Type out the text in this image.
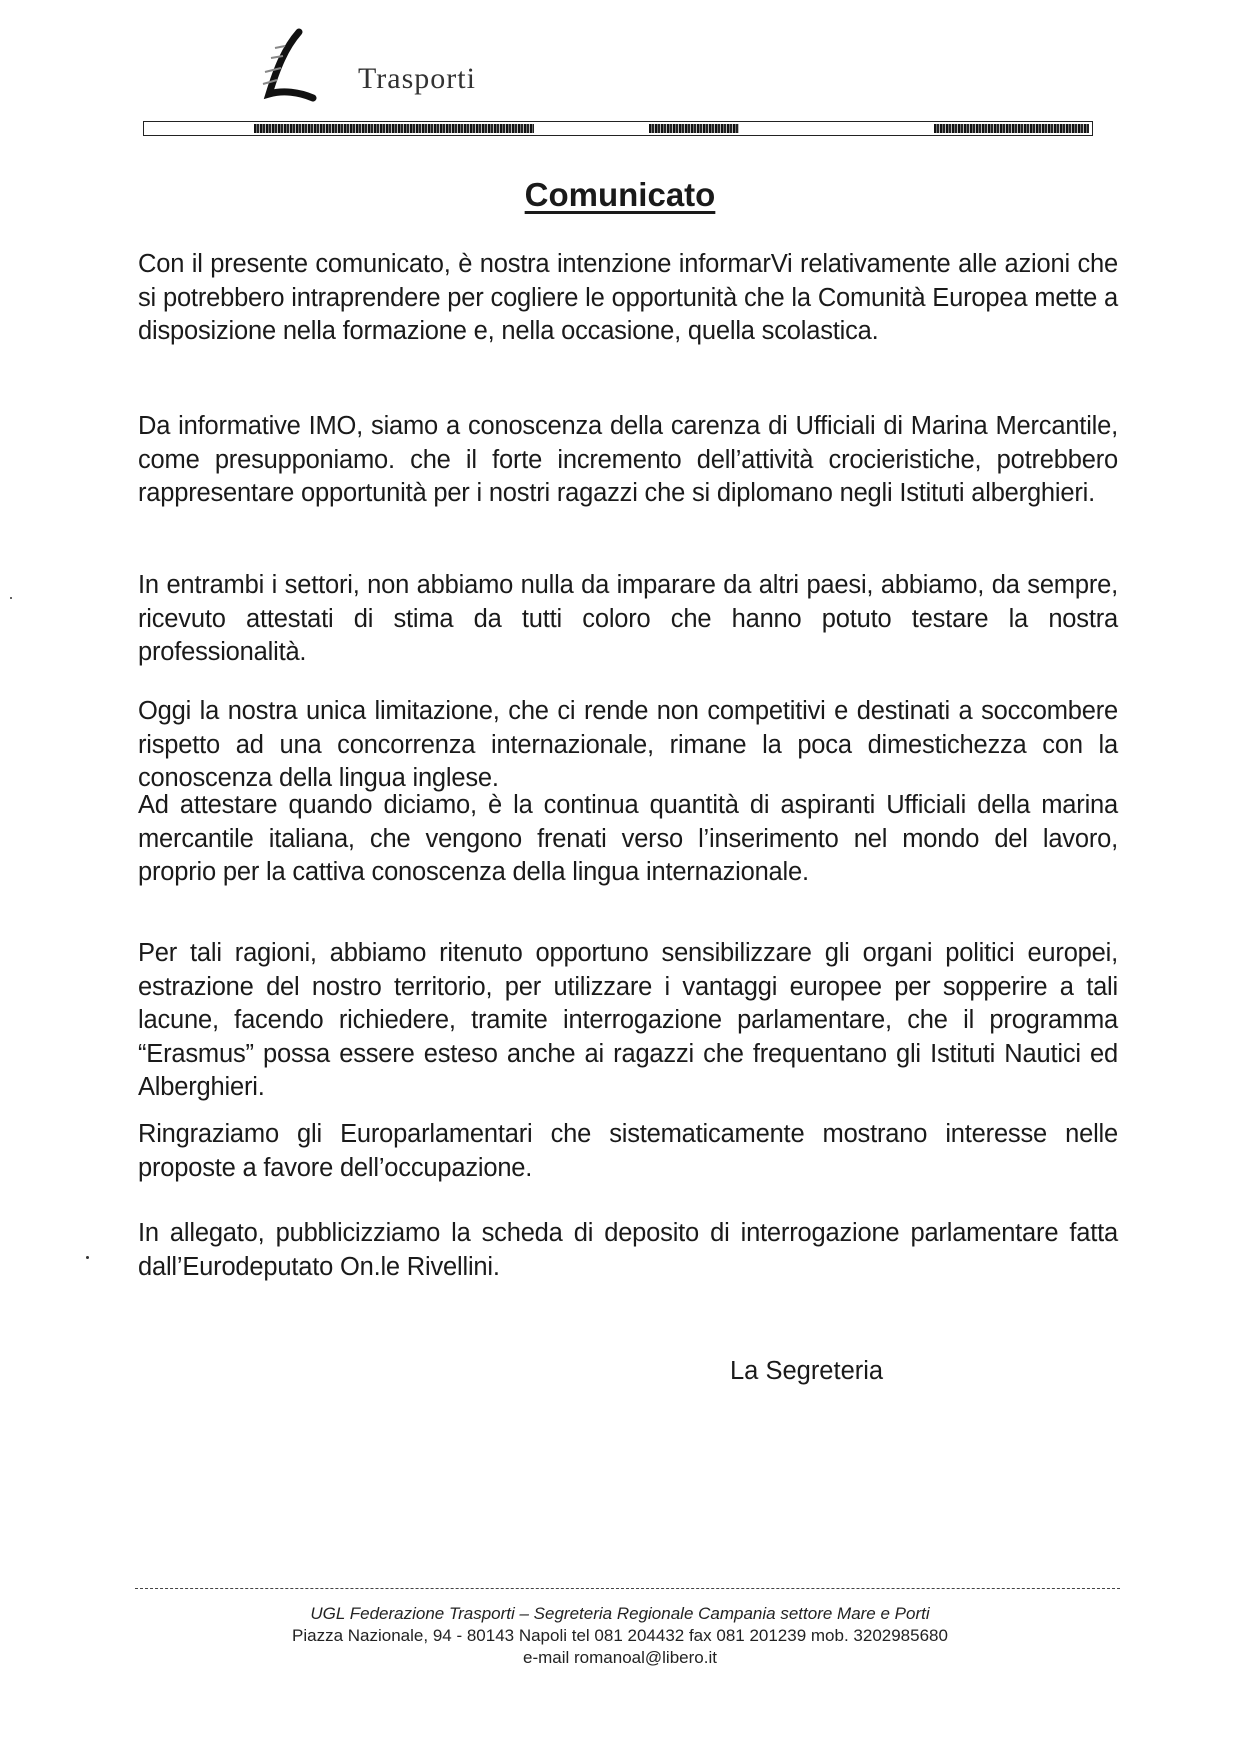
Trasporti
Comunicato

Con il presente comunicato, è nostra intenzione informarVi relativamente alle azioni che si potrebbero intraprendere per cogliere le opportunità che la Comunità Europea mette a disposizione nella formazione e, nella occasione, quella scolastica.

Da informative IMO, siamo a conoscenza della carenza di Ufficiali di Marina Mercantile, come presupponiamo. che il forte incremento dell’attività crocieristiche, potrebbero rappresentare opportunità per i nostri ragazzi che si diplomano negli Istituti alberghieri.

In entrambi i settori, non abbiamo nulla da imparare da altri paesi, abbiamo, da sempre, ricevuto attestati di stima da tutti coloro che hanno potuto testare la nostra professionalità.

Oggi la nostra unica limitazione, che ci rende non competitivi e destinati a soccombere rispetto ad una concorrenza internazionale, rimane la poca dimestichezza con la conoscenza della lingua inglese.

Ad attestare quando diciamo, è la continua quantità di aspiranti Ufficiali della marina mercantile italiana, che vengono frenati verso l’inserimento nel mondo del lavoro, proprio per la cattiva conoscenza della lingua internazionale.

Per tali ragioni, abbiamo ritenuto opportuno sensibilizzare gli organi politici europei, estrazione del nostro territorio, per utilizzare i vantaggi europee per sopperire a tali lacune, facendo richiedere, tramite interrogazione parlamentare, che il programma “Erasmus” possa essere esteso anche ai ragazzi che frequentano gli Istituti Nautici ed Alberghieri.

Ringraziamo gli Europarlamentari che sistematicamente mostrano interesse nelle proposte a favore dell’occupazione.

In allegato, pubblicizziamo la scheda di deposito di interrogazione parlamentare fatta dall’Eurodeputato On.le Rivellini.

La Segreteria
UGL Federazione Trasporti – Segreteria Regionale Campania settore Mare e Porti
Piazza Nazionale, 94 - 80143 Napoli tel 081 204432 fax 081 201239 mob. 3202985680
e-mail romanoal@libero.it
